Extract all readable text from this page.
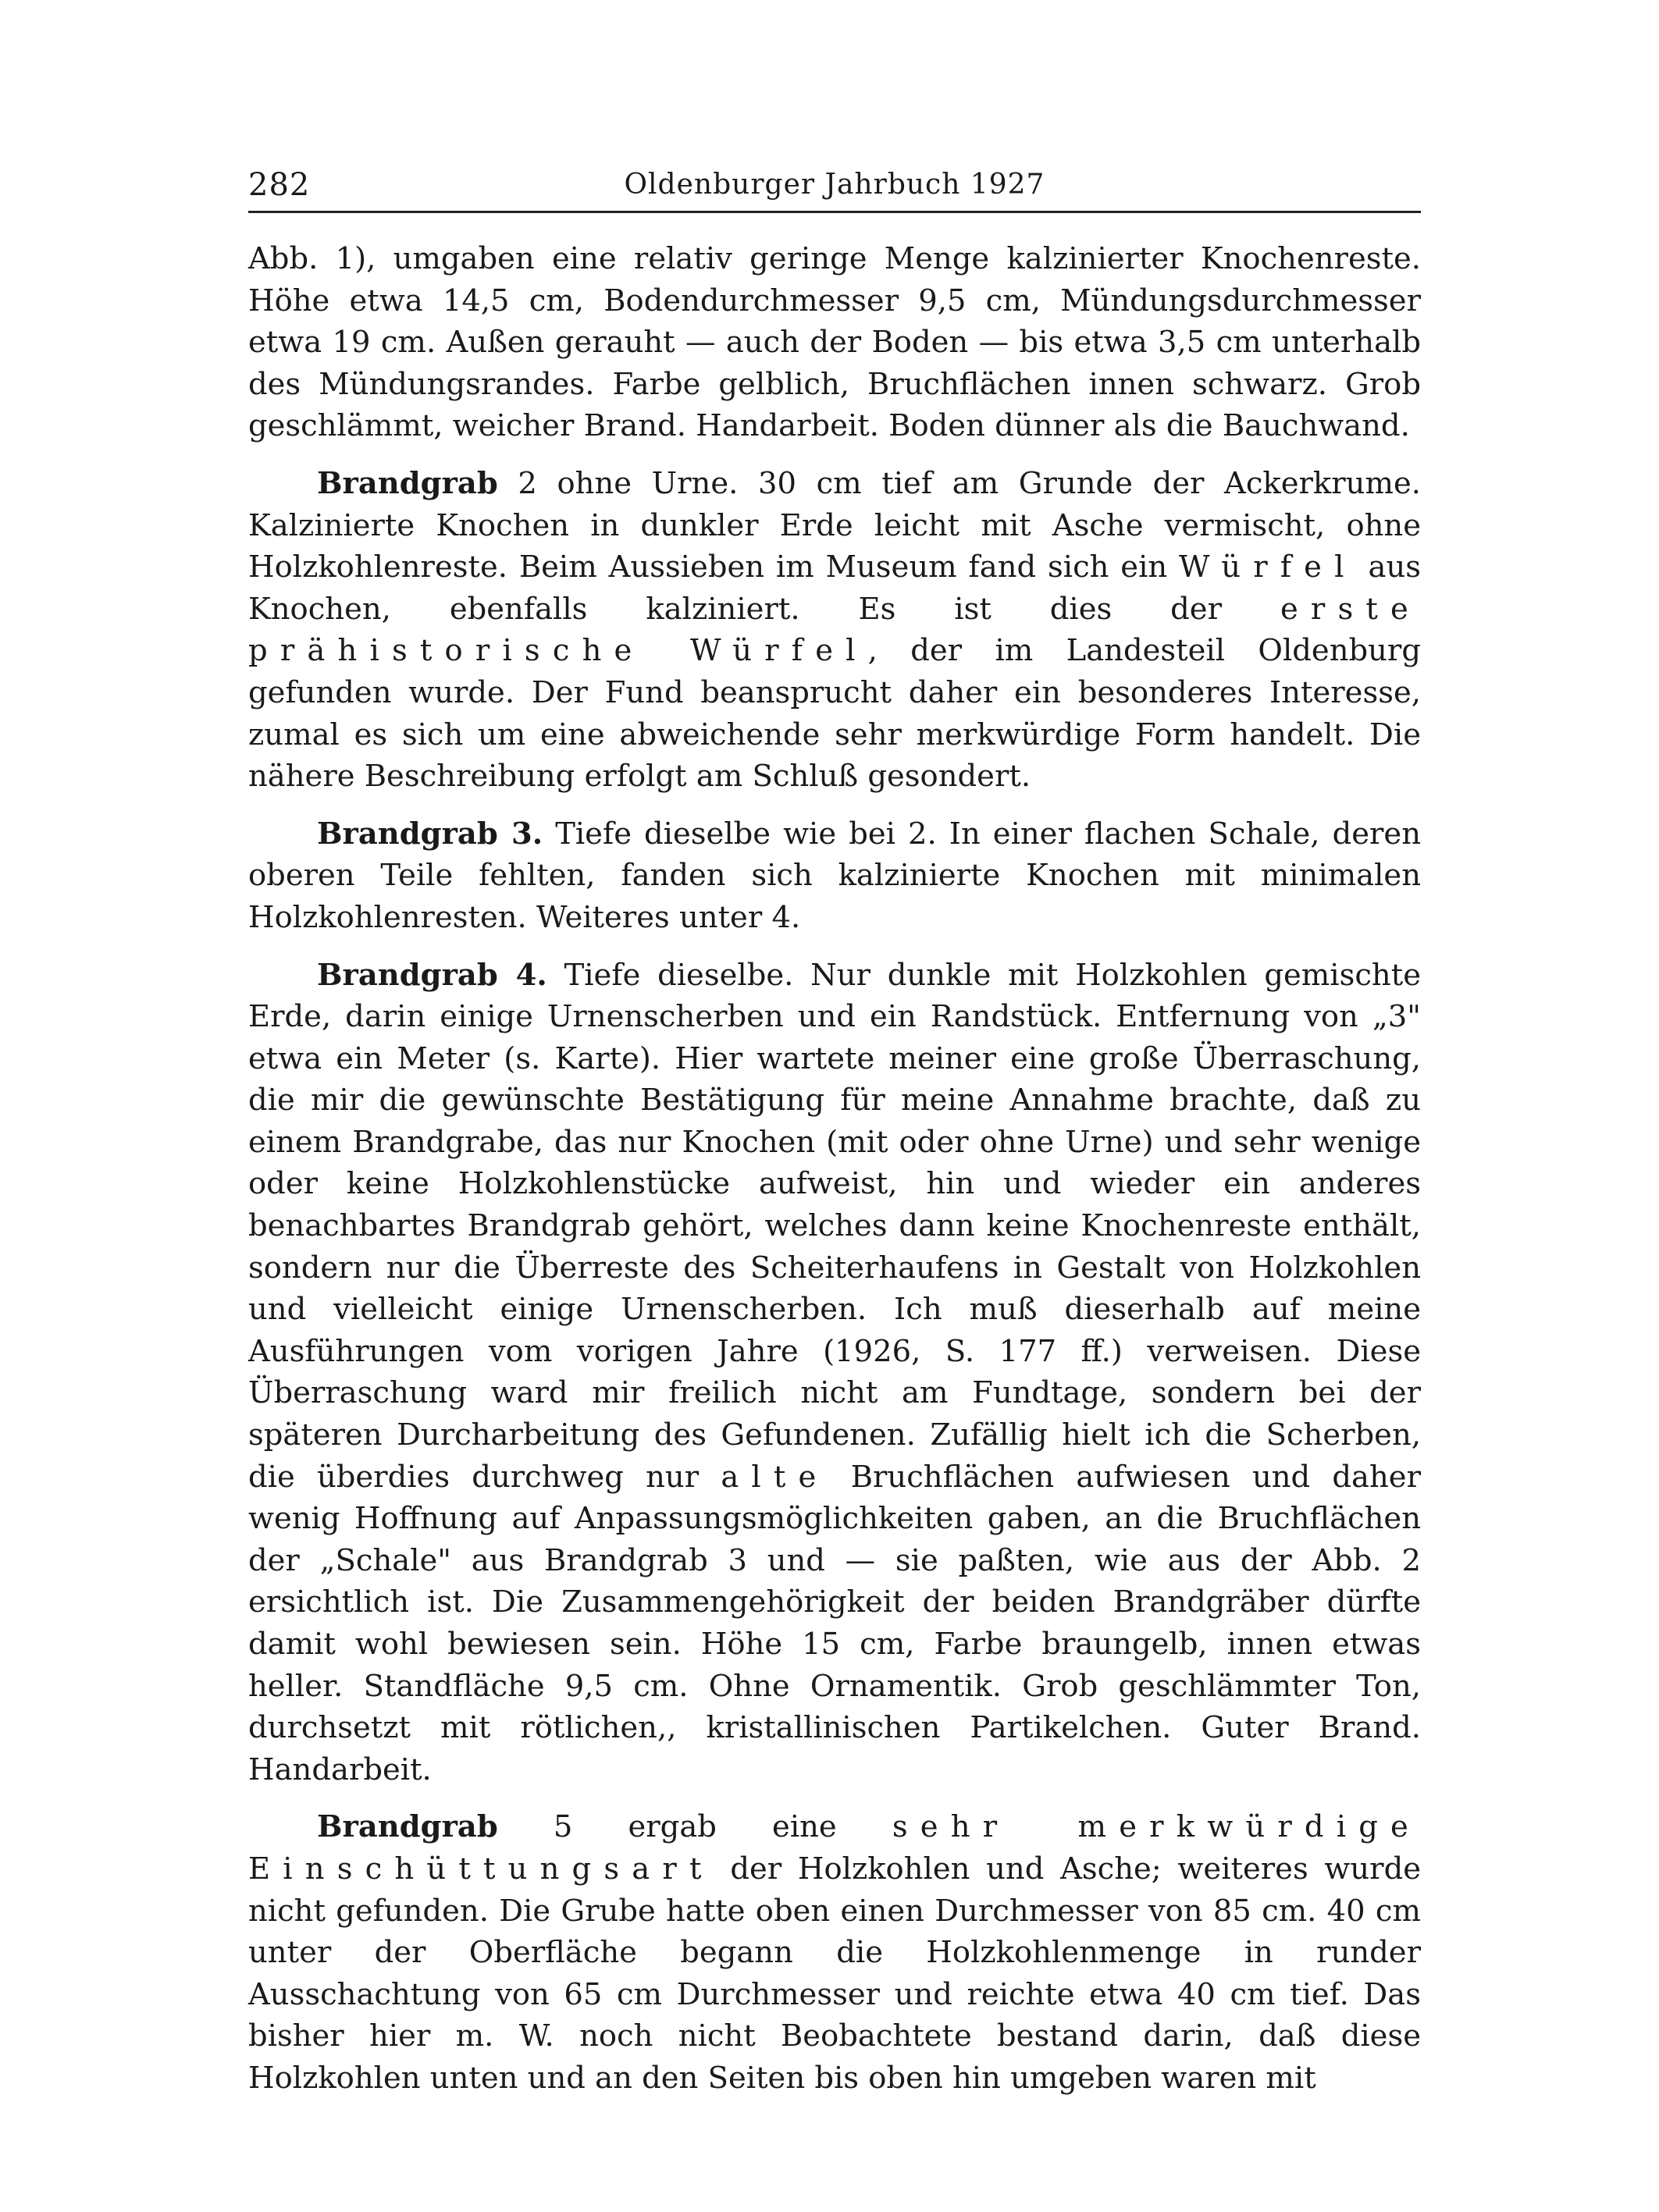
282	Oldenburger Jahrbuch 1927

Abb. 1), umgaben eine relativ geringe Menge kalzinierter Knochenreste. Höhe etwa 14,5 cm, Bodendurchmesser 9,5 cm, Mündungsdurchmesser etwa 19 cm. Außen gerauht — auch der Boden — bis etwa 3,5 cm unterhalb des Mündungsrandes. Farbe gelblich, Bruchflächen innen schwarz. Grob geschlämmt, weicher Brand. Handarbeit. Boden dünner als die Bauchwand.

Brandgrab 2 ohne Urne. 30 cm tief am Grunde der Ackerkrume. Kalzinierte Knochen in dunkler Erde leicht mit Asche vermischt, ohne Holzkohlenreste. Beim Aussieben im Museum fand sich ein Würfel aus Knochen, ebenfalls kalziniert. Es ist dies der erste prähistorische Würfel, der im Landesteil Oldenburg gefunden wurde. Der Fund beansprucht daher ein besonderes Interesse, zumal es sich um eine abweichende sehr merkwürdige Form handelt. Die nähere Beschreibung erfolgt am Schluß gesondert.

Brandgrab 3. Tiefe dieselbe wie bei 2. In einer flachen Schale, deren oberen Teile fehlten, fanden sich kalzinierte Knochen mit minimalen Holzkohlenresten. Weiteres unter 4.

Brandgrab 4. Tiefe dieselbe. Nur dunkle mit Holzkohlen gemischte Erde, darin einige Urnenscherben und ein Randstück. Entfernung von „3" etwa ein Meter (s. Karte). Hier wartete meiner eine große Überraschung, die mir die gewünschte Bestätigung für meine Annahme brachte, daß zu einem Brandgrabe, das nur Knochen (mit oder ohne Urne) und sehr wenige oder keine Holzkohlenstücke aufweist, hin und wieder ein anderes benachbartes Brandgrab gehört, welches dann keine Knochenreste enthält, sondern nur die Überreste des Scheiterhaufens in Gestalt von Holzkohlen und vielleicht einige Urnenscherben. Ich muß dieserhalb auf meine Ausführungen vom vorigen Jahre (1926, S. 177 ff.) verweisen. Diese Überraschung ward mir freilich nicht am Fundtage, sondern bei der späteren Durcharbeitung des Gefundenen. Zufällig hielt ich die Scherben, die überdies durchweg nur alte Bruchflächen aufwiesen und daher wenig Hoffnung auf Anpassungsmöglichkeiten gaben, an die Bruchflächen der „Schale" aus Brandgrab 3 und — sie paßten, wie aus der Abb. 2 ersichtlich ist. Die Zusammengehörigkeit der beiden Brandgräber dürfte damit wohl bewiesen sein. Höhe 15 cm, Farbe braungelb, innen etwas heller. Standfläche 9,5 cm. Ohne Ornamentik. Grob geschlämmter Ton, durchsetzt mit rötlichen,, kristallinischen Partikelchen. Guter Brand. Handarbeit.

Brandgrab 5 ergab eine sehr merkwürdige Einschüttungsart der Holzkohlen und Asche; weiteres wurde nicht gefunden. Die Grube hatte oben einen Durchmesser von 85 cm. 40 cm unter der Oberfläche begann die Holzkohlenmenge in runder Ausschachtung von 65 cm Durchmesser und reichte etwa 40 cm tief. Das bisher hier m. W. noch nicht Beobachtete bestand darin, daß diese Holzkohlen unten und an den Seiten bis oben hin umgeben waren mit
